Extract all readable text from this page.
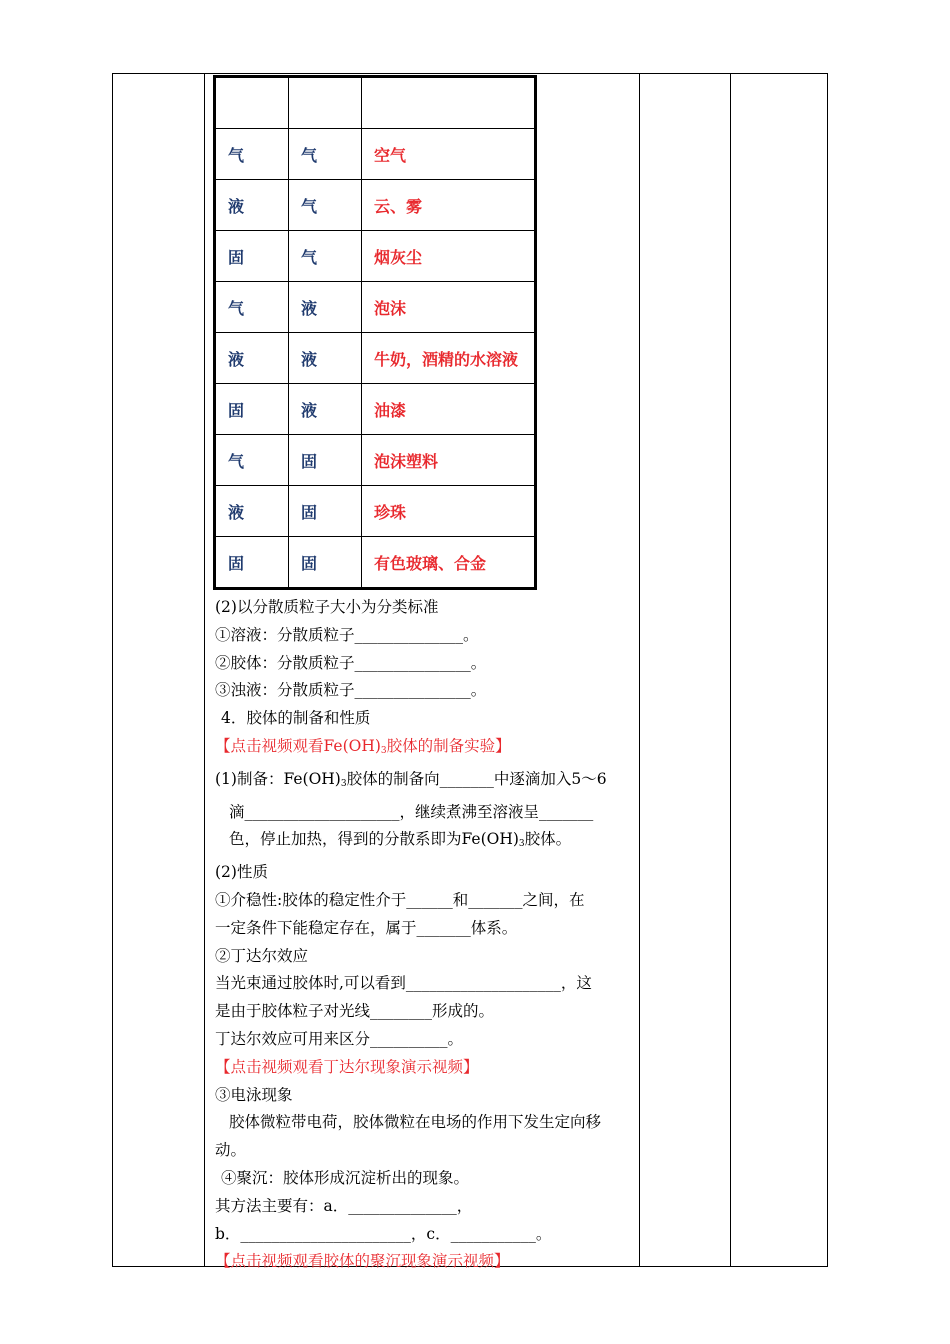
气	气	空气
液	气	云、雾
固	气	烟灰尘
气	液	泡沫
液	液	牛奶，酒精的水溶液
固	液	油漆
气	固	泡沫塑料
液	固	珍珠
固	固	有色玻璃、合金
(2)以分散质粒子大小为分类标准
①溶液：分散质粒子______________。
②胶体：分散质粒子_______________。
③浊液：分散质粒子_______________。
4．胶体的制备和性质
【点击视频观看$Fe(OH)_3$胶体的制备实验】
(1)制备：$Fe(OH)_3$胶体的制备向_______中逐滴加入5～6
滴____________________，继续煮沸至溶液呈_______
色，停止加热，得到的分散系即为$Fe(OH)_3$胶体。
(2)性质
①介稳性:胶体的稳定性介于______和_______之间，在
一定条件下能稳定存在，属于_______体系。
②丁达尔效应
当光束通过胶体时,可以看到____________________，这
是由于胶体粒子对光线________形成的。
丁达尔效应可用来区分__________。
【点击视频观看丁达尔现象演示视频】
③电泳现象
胶体微粒带电荷，胶体微粒在电场的作用下发生定向移
动。
④聚沉：胶体形成沉淀析出的现象。
其方法主要有：a．______________，
b．______________________，c．___________。
【点击视频观看胶体的聚沉现象演示视频】
